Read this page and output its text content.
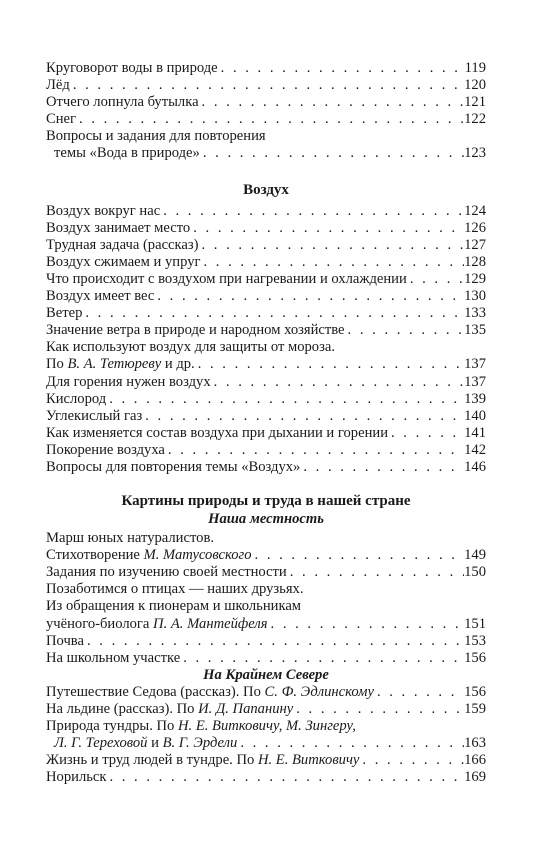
Круговорот воды в природе . . .	119
Лёд . . .	120
Отчего лопнула бутылка . . .	121
Снег . . .	122
Вопросы и задания для повторения
темы «Вода в природе» . . .	123
Воздух
Воздух вокруг нас . . .	124
Воздух занимает место . . .	126
Трудная задача (рассказ) . . .	127
Воздух сжимаем и упруг . . .	128
Что происходит с воздухом при нагревании и охлаждении . . .	129
Воздух имеет вес . . .	130
Ветер . . .	133
Значение ветра в природе и народном хозяйстве . . .	135
Как используют воздух для защиты от мороза.
По В. А. Тетюреву и др. . . .	137
Для горения нужен воздух . . .	137
Кислород . . .	139
Углекислый газ . . .	140
Как изменяется состав воздуха при дыхании и горении . . .	141
Покорение воздуха . . .	142
Вопросы для повторения темы «Воздух» . . .	146
Картины природы и труда в нашей стране
Наша местность
Марш юных натуралистов.
Стихотворение М. Матусовского . . .	149
Задания по изучению своей местности . . .	150
Позаботимся о птицах — наших друзьях.
Из обращения к пионерам и школьникам
учёного-биолога П. А. Мантейфеля . . .	151
Почва . . .	153
На школьном участке . . .	156
На Крайнем Севере
Путешествие Седова (рассказ). По С. Ф. Эдлинскому . . .	156
На льдине (рассказ). По И. Д. Папанину . . .	159
Природа тундры. По Н. Е. Витковичу, М. Зингеру,
Л. Г. Тереховой и В. Г. Эрдели . . .	163
Жизнь и труд людей в тундре. По Н. Е. Витковичу . . .	166
Норильск . . .	169
